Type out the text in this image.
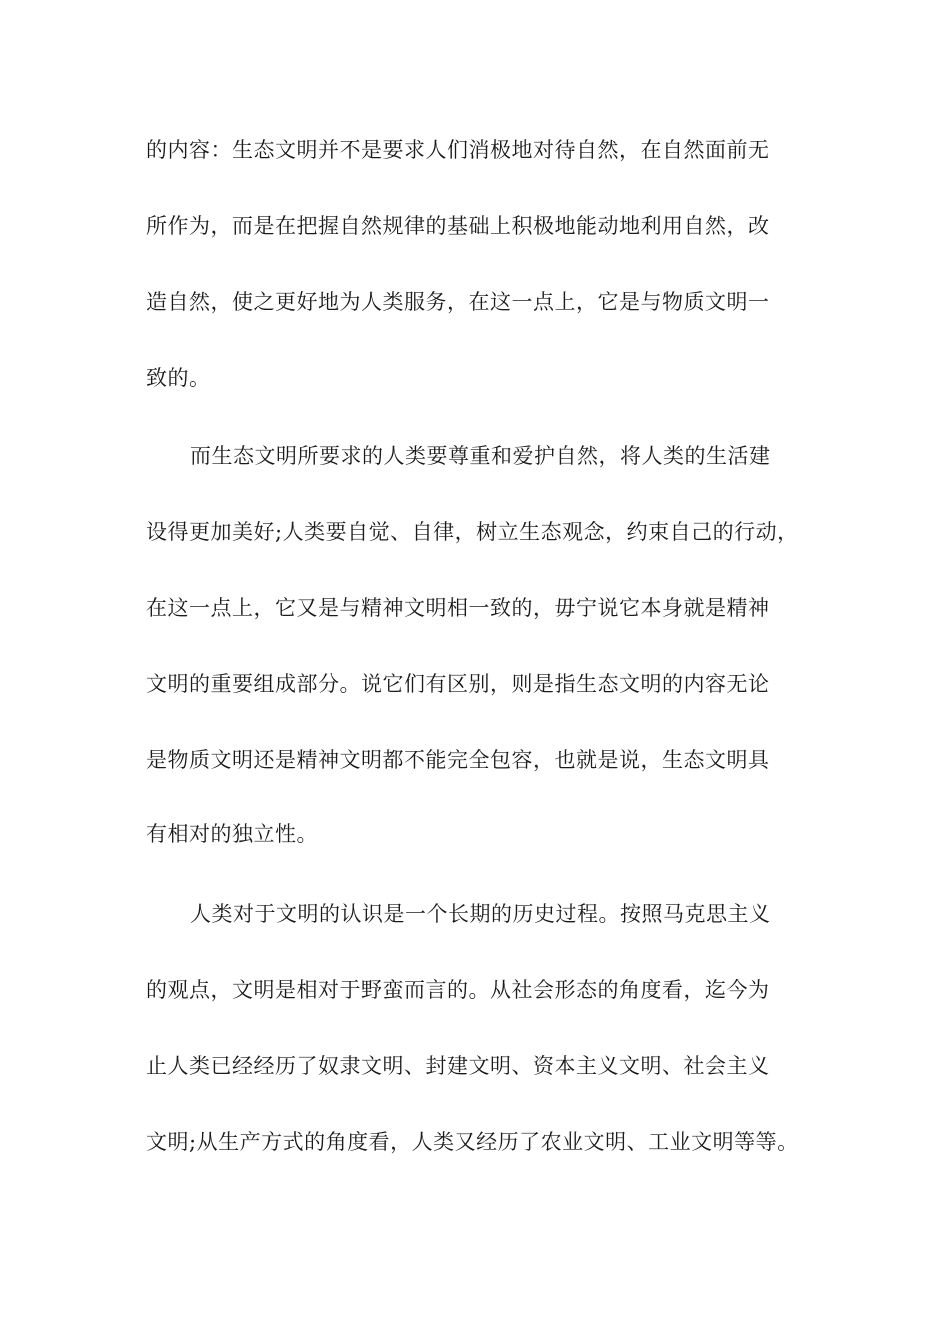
的内容：生态文明并不是要求人们消极地对待自然，在自然面前无
所作为，而是在把握自然规律的基础上积极地能动地利用自然，改
造自然，使之更好地为人类服务，在这一点上，它是与物质文明一
致的。
而生态文明所要求的人类要尊重和爱护自然，将人类的生活建
设得更加美好;人类要自觉、自律，树立生态观念，约束自己的行动，
在这一点上，它又是与精神文明相一致的，毋宁说它本身就是精神
文明的重要组成部分。说它们有区别，则是指生态文明的内容无论
是物质文明还是精神文明都不能完全包容，也就是说，生态文明具
有相对的独立性。
人类对于文明的认识是一个长期的历史过程。按照马克思主义
的观点，文明是相对于野蛮而言的。从社会形态的角度看，迄今为
止人类已经经历了奴隶文明、封建文明、资本主义文明、社会主义
文明;从生产方式的角度看，人类又经历了农业文明、工业文明等等。
